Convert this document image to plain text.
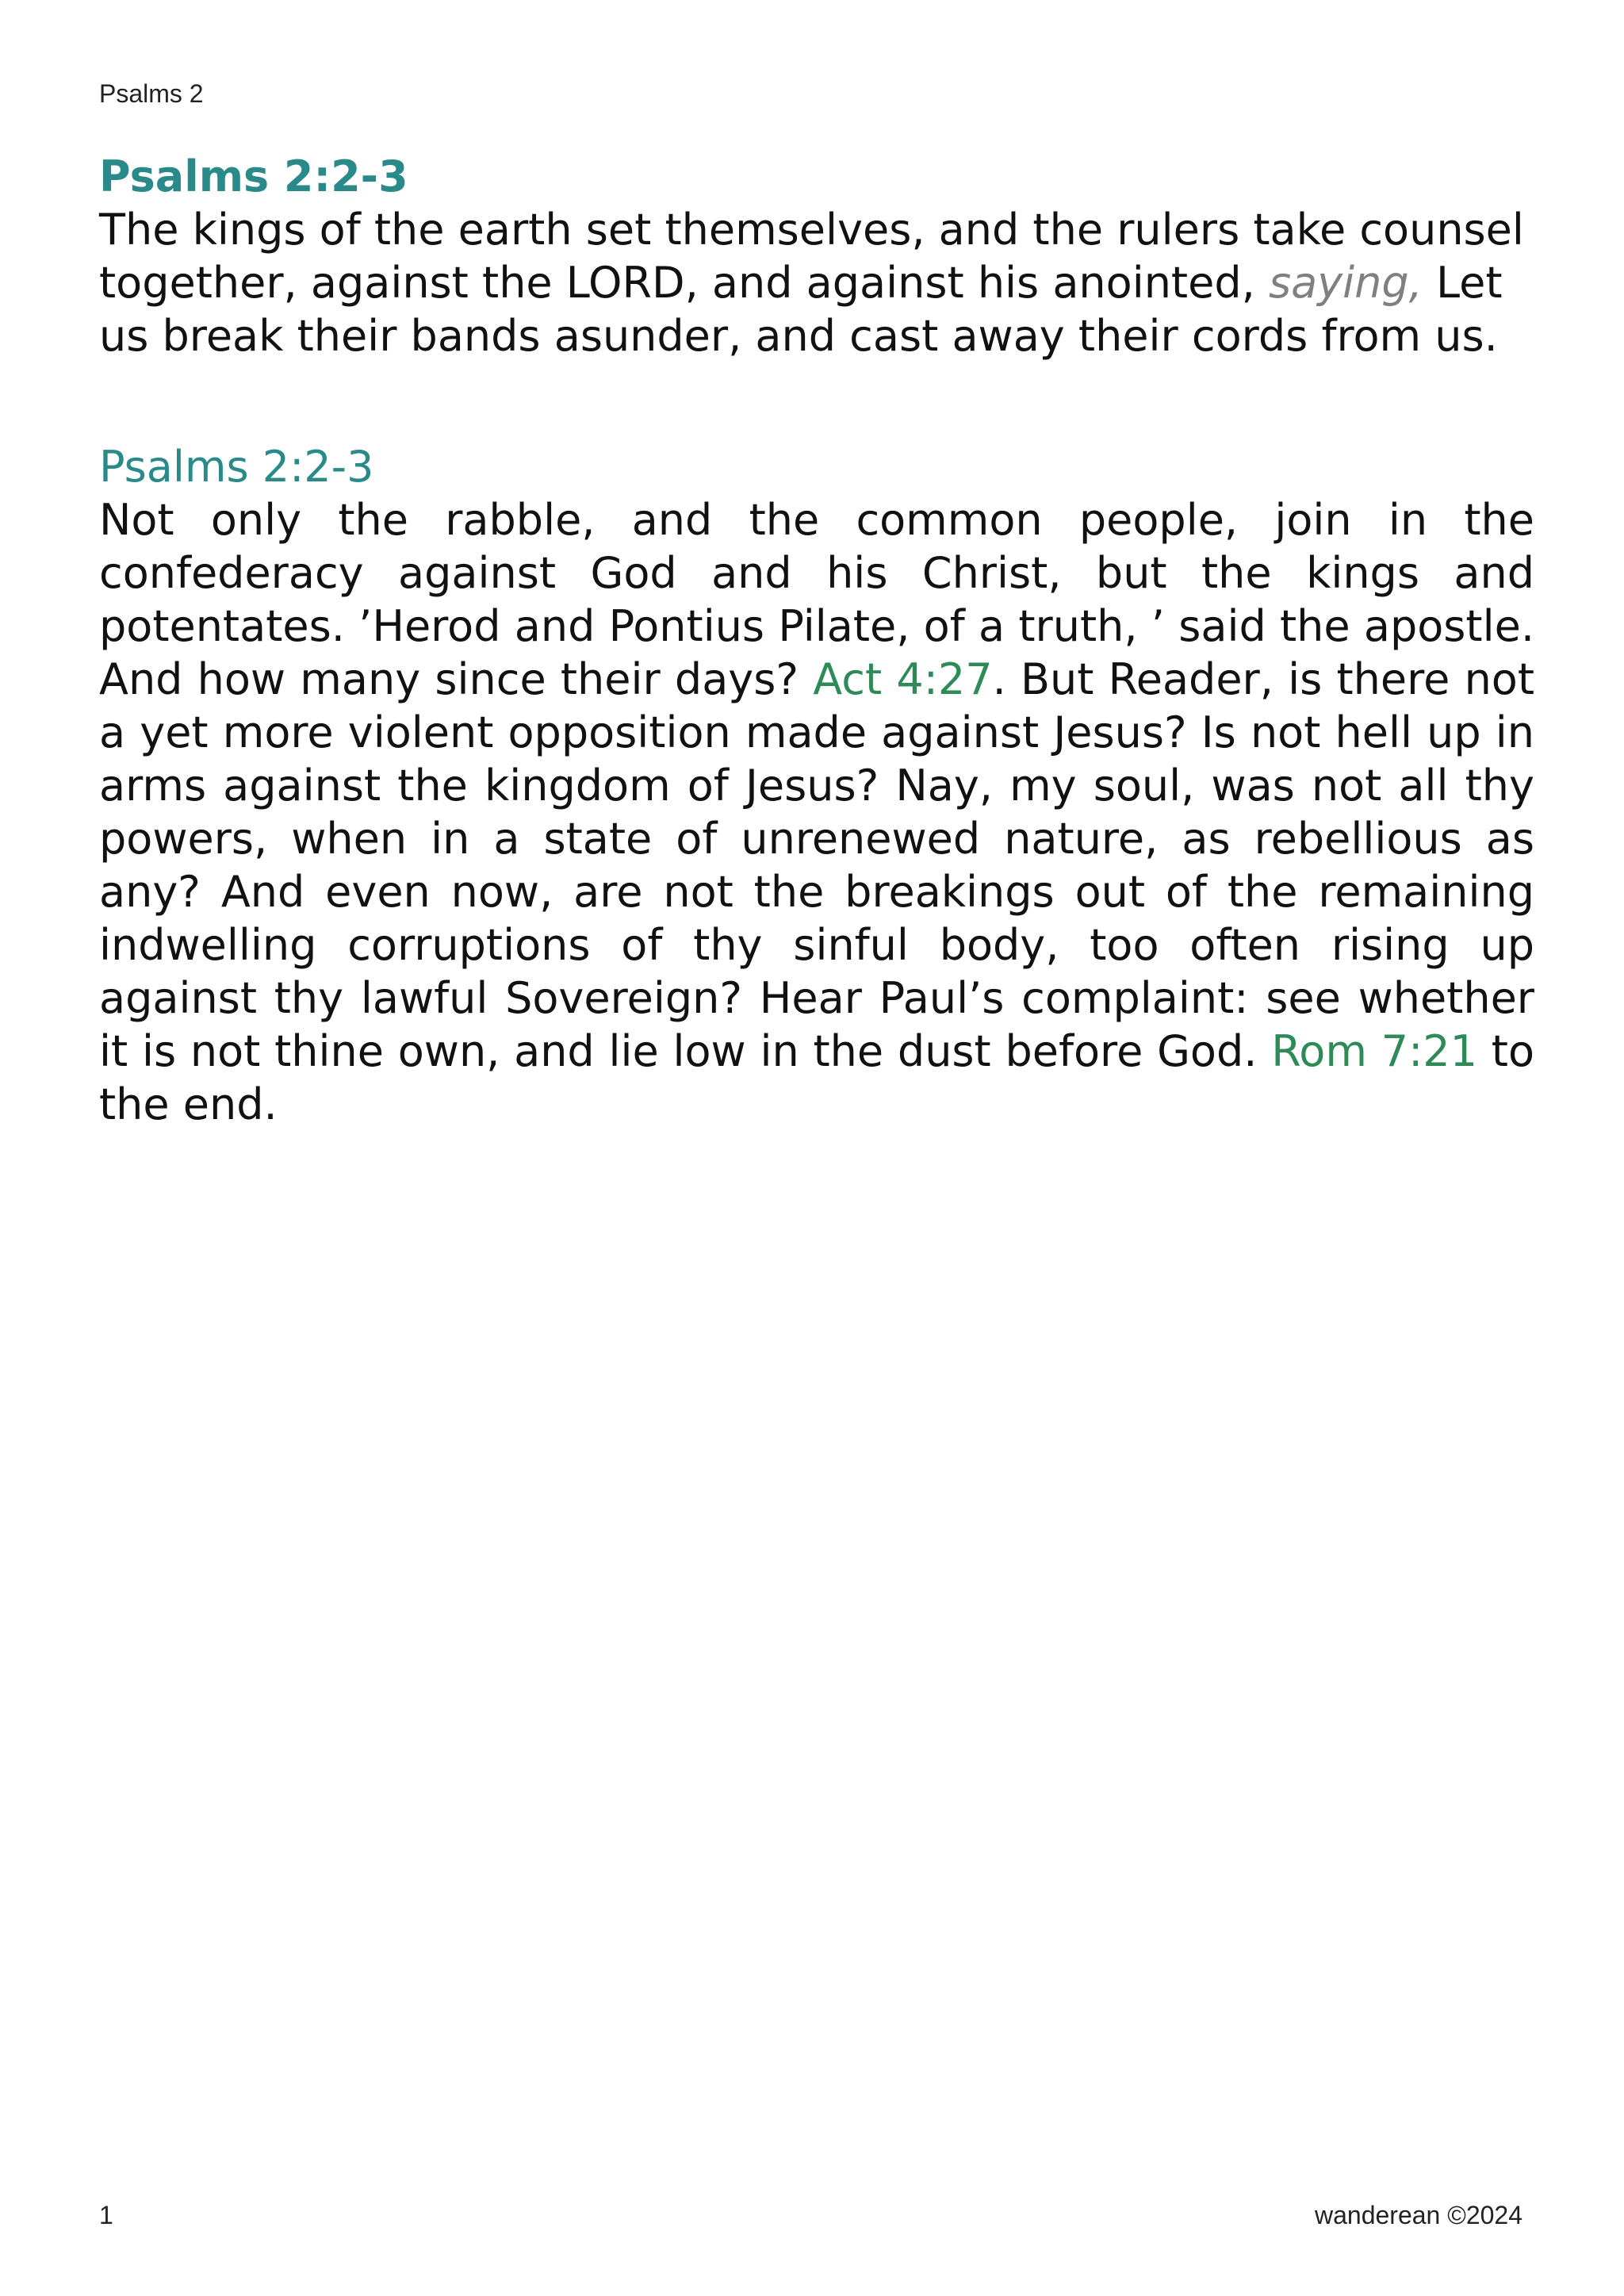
Psalms 2
Psalms 2:2-3

The kings of the earth set themselves, and the rulers take counsel together, against the LORD, and against his anointed, saying, Let us break their bands asunder, and cast away their cords from us.

Psalms 2:2-3

Not only the rabble, and the common people, join in the confederacy against God and his Christ, but the kings and potentates. ’Herod and Pontius Pilate, of a truth, ’ said the apostle. And how many since their days? Act 4:27. But Reader, is there not a yet more violent opposition made against Jesus? Is not hell up in arms against the kingdom of Jesus? Nay, my soul, was not all thy powers, when in a state of unrenewed nature, as rebellious as any? And even now, are not the breakings out of the remaining indwelling corruptions of thy sinful body, too often rising up against thy lawful Sovereign? Hear Paul’s complaint: see whether it is not thine own, and lie low in the dust before God. Rom 7:21 to the end.

1	wanderean ©2024
